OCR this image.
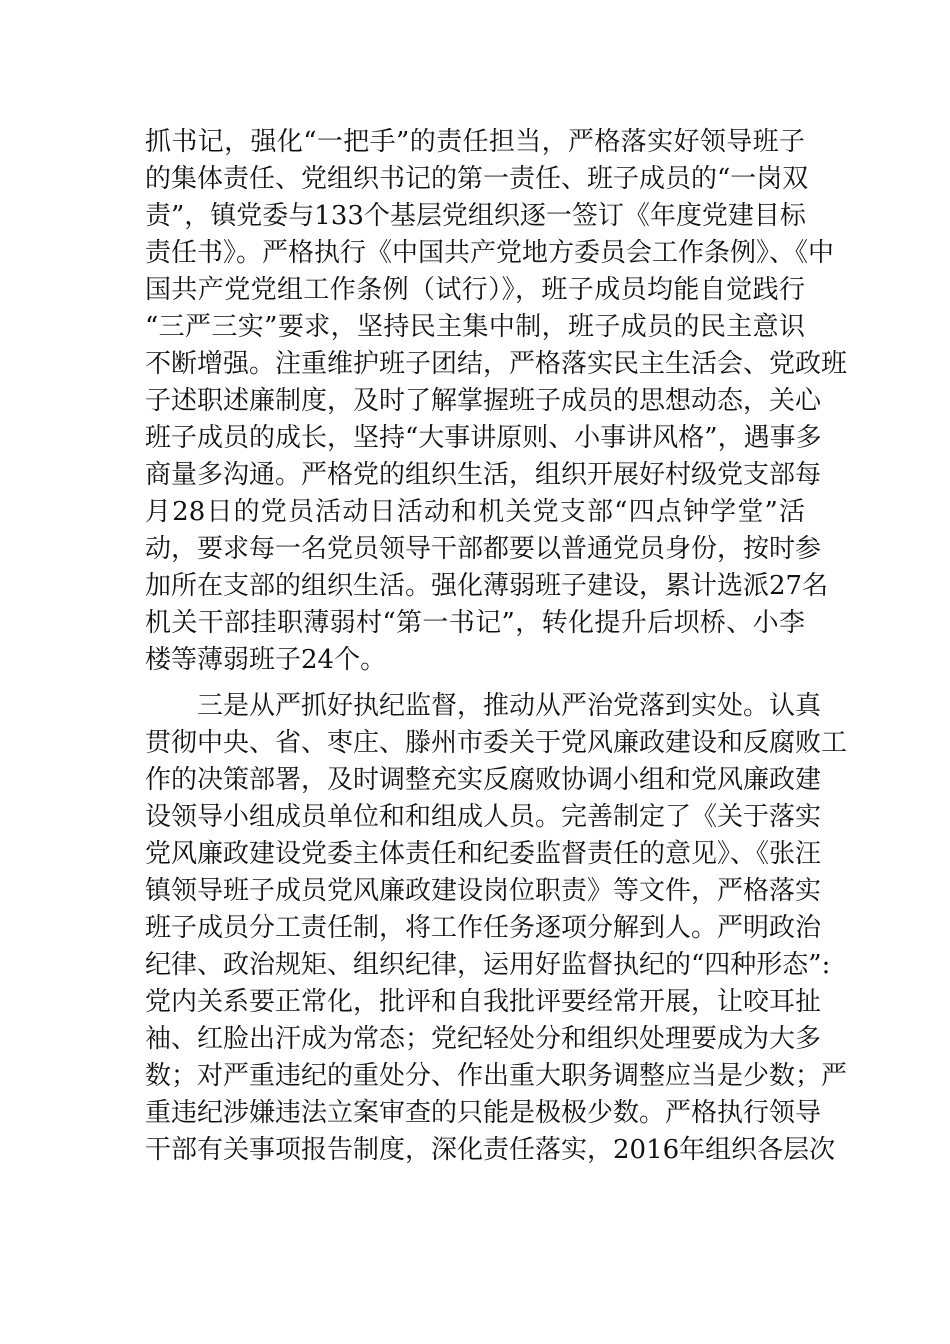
抓书记，强化“一把手”的责任担当，严格落实好领导班子
的集体责任、党组织书记的第一责任、班子成员的“一岗双
责”，镇党委与133个基层党组织逐一签订《年度党建目标
责任书》。严格执行《中国共产党地方委员会工作条例》、《中
国共产党党组工作条例（试行）》，班子成员均能自觉践行
“三严三实”要求，坚持民主集中制，班子成员的民主意识
不断增强。注重维护班子团结，严格落实民主生活会、党政班
子述职述廉制度，及时了解掌握班子成员的思想动态，关心
班子成员的成长，坚持“大事讲原则、小事讲风格”，遇事多
商量多沟通。严格党的组织生活，组织开展好村级党支部每
月28日的党员活动日活动和机关党支部“四点钟学堂”活
动，要求每一名党员领导干部都要以普通党员身份，按时参
加所在支部的组织生活。强化薄弱班子建设，累计选派27名
机关干部挂职薄弱村“第一书记”，转化提升后坝桥、小李
楼等薄弱班子24个。
三是从严抓好执纪监督，推动从严治党落到实处。认真
贯彻中央、省、枣庄、滕州市委关于党风廉政建设和反腐败工
作的决策部署，及时调整充实反腐败协调小组和党风廉政建
设领导小组成员单位和和组成人员。完善制定了《关于落实
党风廉政建设党委主体责任和纪委监督责任的意见》、《张汪
镇领导班子成员党风廉政建设岗位职责》等文件，严格落实
班子成员分工责任制，将工作任务逐项分解到人。严明政治
纪律、政治规矩、组织纪律，运用好监督执纪的“四种形态”:
党内关系要正常化，批评和自我批评要经常开展，让咬耳扯
袖、红脸出汗成为常态；党纪轻处分和组织处理要成为大多
数；对严重违纪的重处分、作出重大职务调整应当是少数；严
重违纪涉嫌违法立案审查的只能是极极少数。严格执行领导
干部有关事项报告制度，深化责任落实，2016年组织各层次
